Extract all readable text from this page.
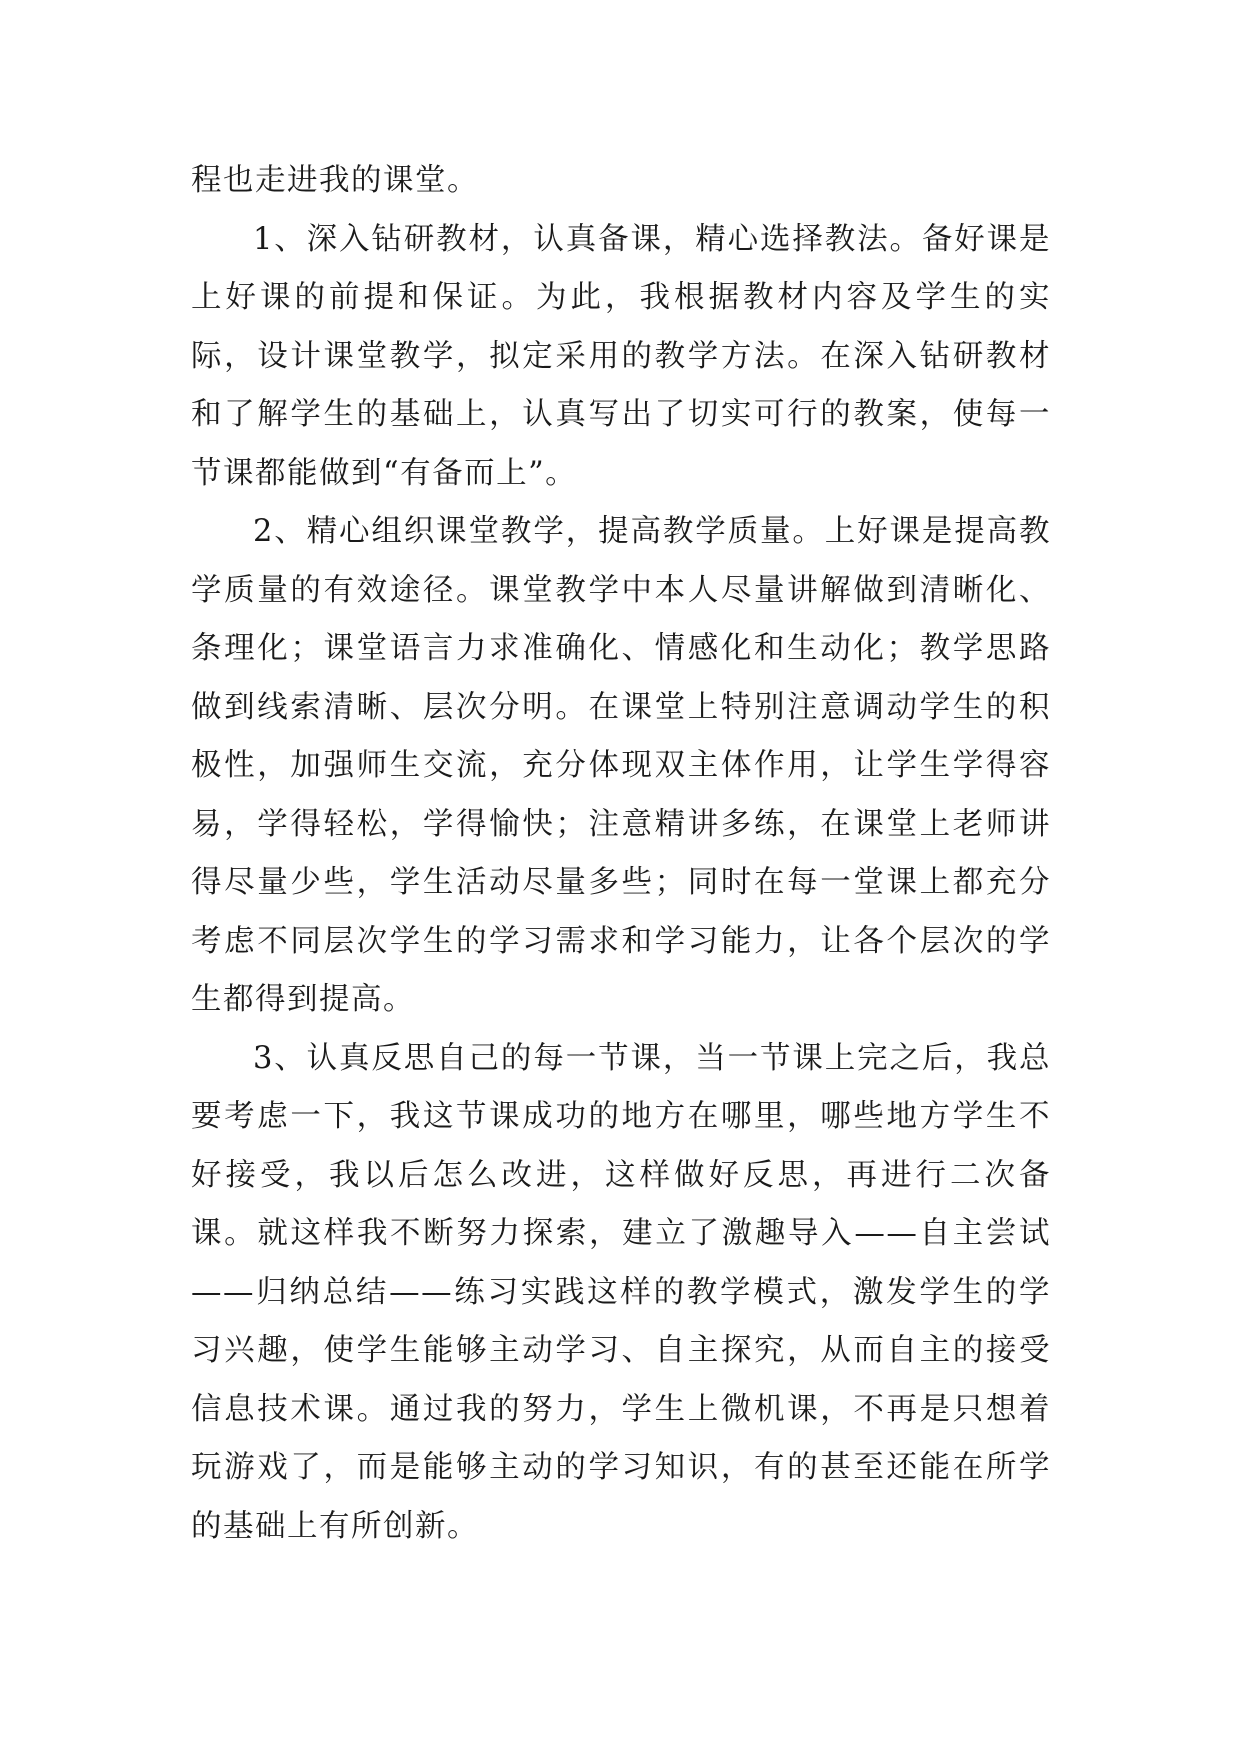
程也走进我的课堂。

1、深入钻研教材，认真备课，精心选择教法。备好课是上好课的前提和保证。为此，我根据教材内容及学生的实际，设计课堂教学，拟定采用的教学方法。在深入钻研教材和了解学生的基础上，认真写出了切实可行的教案，使每一节课都能做到“有备而上”。

2、精心组织课堂教学，提高教学质量。上好课是提高教学质量的有效途径。课堂教学中本人尽量讲解做到清晰化、条理化；课堂语言力求准确化、情感化和生动化；教学思路做到线索清晰、层次分明。在课堂上特别注意调动学生的积极性，加强师生交流，充分体现双主体作用，让学生学得容易，学得轻松，学得愉快；注意精讲多练，在课堂上老师讲得尽量少些，学生活动尽量多些；同时在每一堂课上都充分考虑不同层次学生的学习需求和学习能力，让各个层次的学生都得到提高。

3、认真反思自己的每一节课，当一节课上完之后，我总要考虑一下，我这节课成功的地方在哪里，哪些地方学生不好接受，我以后怎么改进，这样做好反思，再进行二次备课。就这样我不断努力探索，建立了激趣导入——自主尝试——归纳总结——练习实践这样的教学模式，激发学生的学习兴趣，使学生能够主动学习、自主探究，从而自主的接受信息技术课。通过我的努力，学生上微机课，不再是只想着玩游戏了，而是能够主动的学习知识，有的甚至还能在所学的基础上有所创新。
